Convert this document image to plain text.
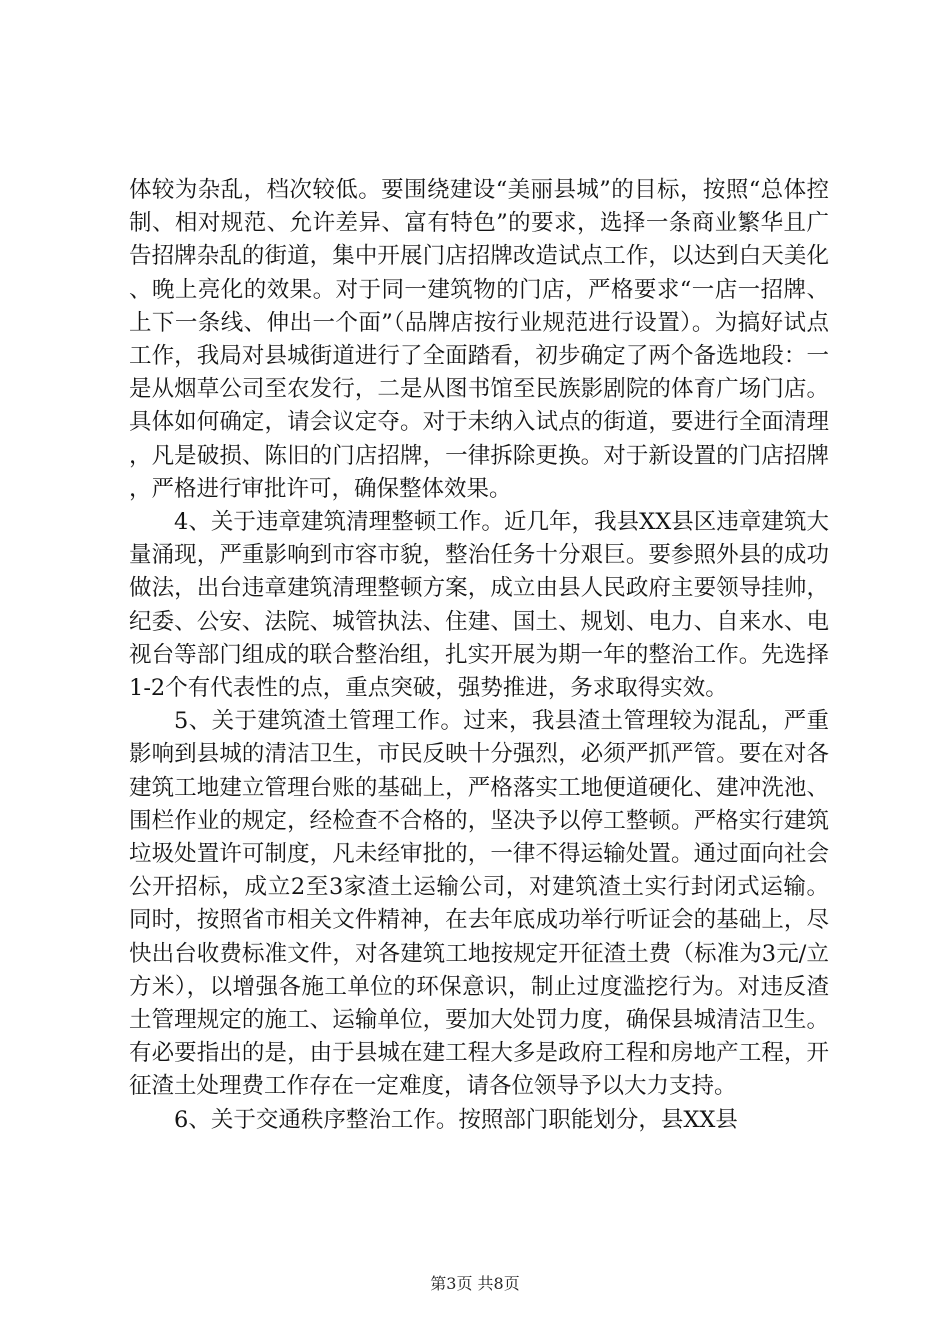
体较为杂乱，档次较低。要围绕建设“美丽县城”的目标，按照“总体控制、相对规范、允许差异、富有特色”的要求，选择一条商业繁华且广告招牌杂乱的街道，集中开展门店招牌改造试点工作，以达到白天美化、晚上亮化的效果。对于同一建筑物的门店，严格要求“一店一招牌、上下一条线、伸出一个面”（品牌店按行业规范进行设置）。为搞好试点工作，我局对县城街道进行了全面踏看，初步确定了两个备选地段：一是从烟草公司至农发行，二是从图书馆至民族影剧院的体育广场门店。具体如何确定，请会议定夺。对于未纳入试点的街道，要进行全面清理，凡是破损、陈旧的门店招牌，一律拆除更换。对于新设置的门店招牌，严格进行审批许可，确保整体效果。

4、关于违章建筑清理整顿工作。近几年，我县XX县区违章建筑大量涌现，严重影响到市容市貌，整治任务十分艰巨。要参照外县的成功做法，出台违章建筑清理整顿方案，成立由县人民政府主要领导挂帅，纪委、公安、法院、城管执法、住建、国土、规划、电力、自来水、电视台等部门组成的联合整治组，扎实开展为期一年的整治工作。先选择1-2个有代表性的点，重点突破，强势推进，务求取得实效。

5、关于建筑渣土管理工作。过来，我县渣土管理较为混乱，严重影响到县城的清洁卫生，市民反映十分强烈，必须严抓严管。要在对各建筑工地建立管理台账的基础上，严格落实工地便道硬化、建冲洗池、围栏作业的规定，经检查不合格的，坚决予以停工整顿。严格实行建筑垃圾处置许可制度，凡未经审批的，一律不得运输处置。通过面向社会公开招标，成立2至3家渣土运输公司，对建筑渣土实行封闭式运输。同时，按照省市相关文件精神，在去年底成功举行听证会的基础上，尽快出台收费标准文件，对各建筑工地按规定开征渣土费（标准为3元/立方米），以增强各施工单位的环保意识，制止过度滥挖行为。对违反渣土管理规定的施工、运输单位，要加大处罚力度，确保县城清洁卫生。有必要指出的是，由于县城在建工程大多是政府工程和房地产工程，开征渣土处理费工作存在一定难度，请各位领导予以大力支持。

6、关于交通秩序整治工作。按照部门职能划分，县XX县

第3页 共8页
